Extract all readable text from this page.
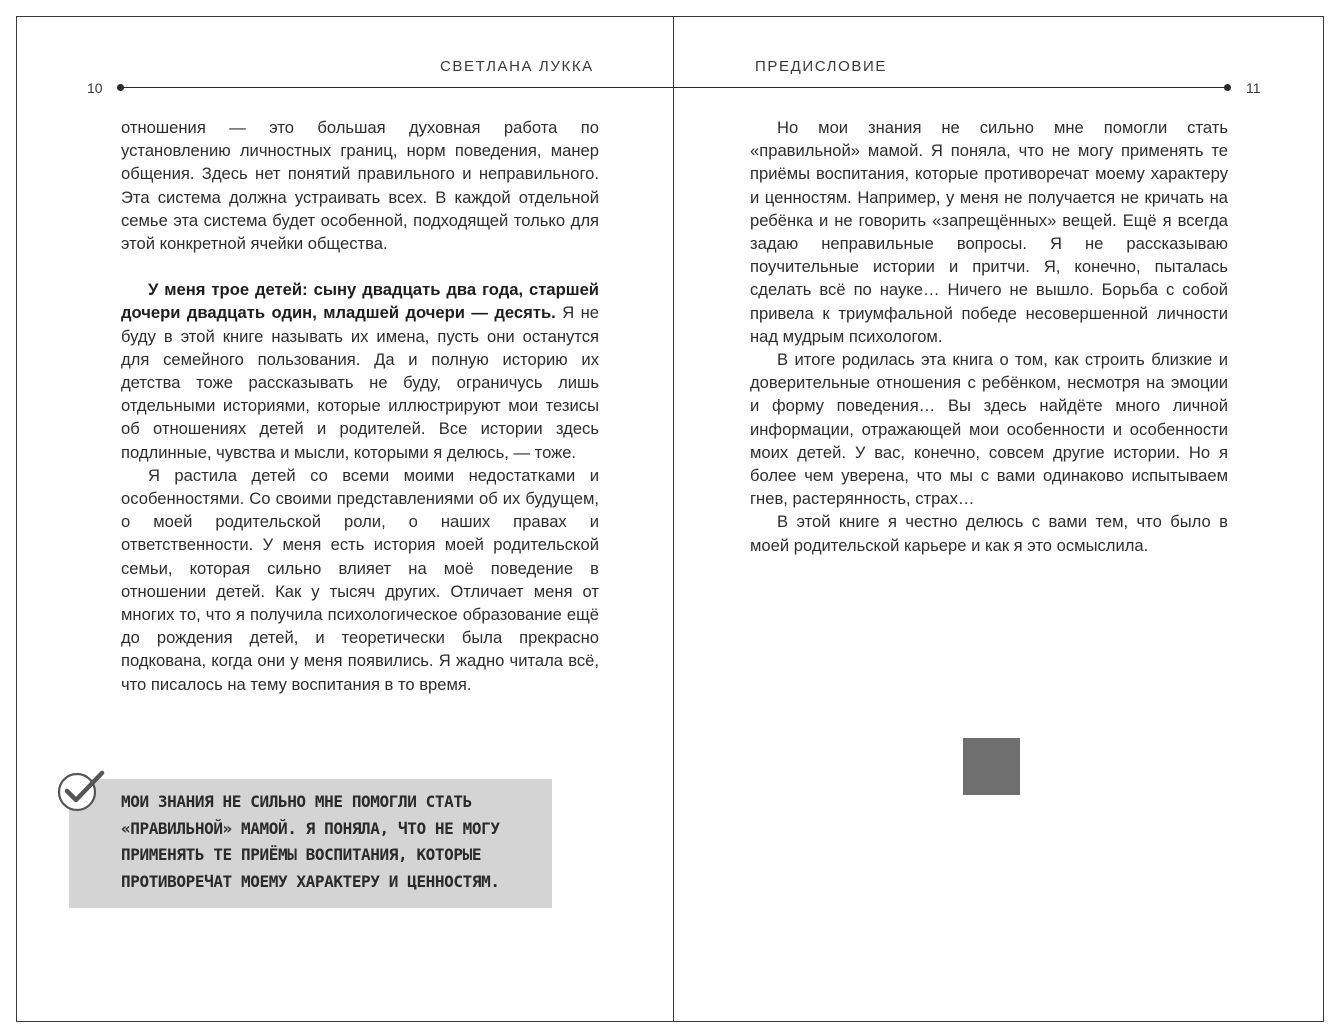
СВЕТЛАНА ЛУККА
10
ПРЕДИСЛОВИЕ
11

отношения — это большая духовная работа по установлению личностных границ, норм поведения, манер общения. Здесь нет понятий правильного и неправильного. Эта система должна устраивать всех. В каждой отдельной семье эта система будет особенной, подходящей только для этой конкретной ячейки общества.

У меня трое детей: сыну двадцать два года, старшей дочери двадцать один, младшей дочери — десять. Я не буду в этой книге называть их имена, пусть они останутся для семейного пользования. Да и полную историю их детства тоже рассказывать не буду, ограничусь лишь отдельными историями, которые иллюстрируют мои тезисы об отношениях детей и родителей. Все истории здесь подлинные, чувства и мысли, которыми я делюсь, — тоже.

Я растила детей со всеми моими недостатками и особенностями. Со своими представлениями об их будущем, о моей родительской роли, о наших правах и ответственности. У меня есть история моей родительской семьи, которая сильно влияет на моё поведение в отношении детей. Как у тысяч других. Отличает меня от многих то, что я получила психологическое образование ещё до рождения детей, и теоретически была прекрасно подкована, когда они у меня появились. Я жадно читала всё, что писалось на тему воспитания в то время.

МОИ ЗНАНИЯ НЕ СИЛЬНО МНЕ ПОМОГЛИ СТАТЬ «ПРАВИЛЬНОЙ» МАМОЙ. Я ПОНЯЛА, ЧТО НЕ МОГУ ПРИМЕНЯТЬ ТЕ ПРИЁМЫ ВОСПИТАНИЯ, КОТОРЫЕ ПРОТИВОРЕЧАТ МОЕМУ ХАРАКТЕРУ И ЦЕННОСТЯМ.

Но мои знания не сильно мне помогли стать «правильной» мамой. Я поняла, что не могу применять те приёмы воспитания, которые противоречат моему характеру и ценностям. Например, у меня не получается не кричать на ребёнка и не говорить «запрещённых» вещей. Ещё я всегда задаю неправильные вопросы. Я не рассказываю поучительные истории и притчи. Я, конечно, пыталась сделать всё по науке… Ничего не вышло. Борьба с собой привела к триумфальной победе несовершенной личности над мудрым психологом.

В итоге родилась эта книга о том, как строить близкие и доверительные отношения с ребёнком, несмотря на эмоции и форму поведения… Вы здесь найдёте много личной информации, отражающей мои особенности и особенности моих детей. У вас, конечно, совсем другие истории. Но я более чем уверена, что мы с вами одинаково испытываем гнев, растерянность, страх…

В этой книге я честно делюсь с вами тем, что было в моей родительской карьере и как я это осмыслила.
